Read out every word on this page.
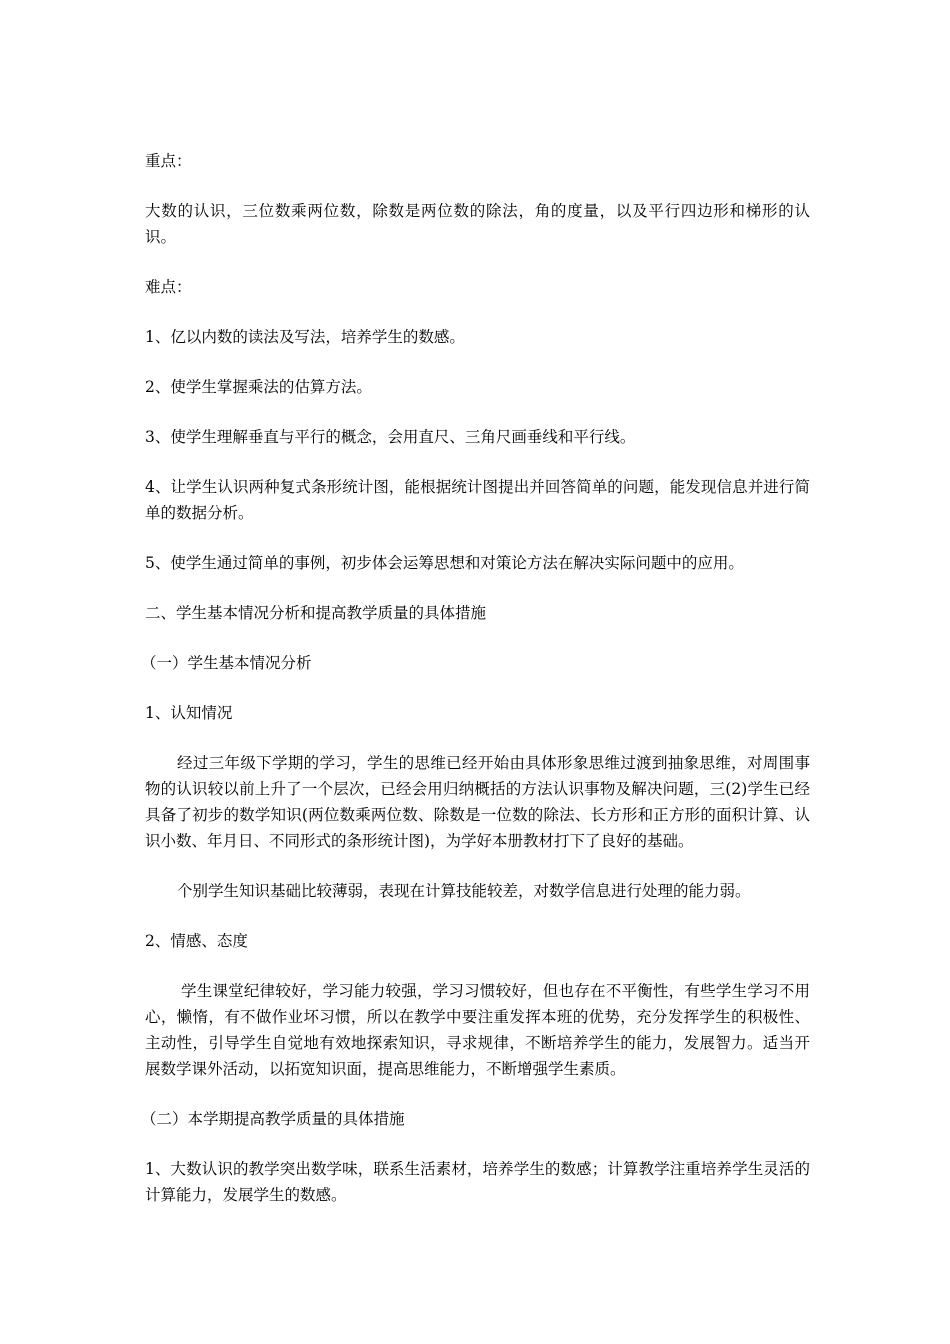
重点：

大数的认识，三位数乘两位数，除数是两位数的除法，角的度量，以及平行四边形和梯形的认识。

难点：

1、亿以内数的读法及写法，培养学生的数感。

2、使学生掌握乘法的估算方法。

3、使学生理解垂直与平行的概念，会用直尺、三角尺画垂线和平行线。

4、让学生认识两种复式条形统计图，能根据统计图提出并回答简单的问题，能发现信息并进行简单的数据分析。

5、使学生通过简单的事例，初步体会运筹思想和对策论方法在解决实际问题中的应用。

二、学生基本情况分析和提高教学质量的具体措施

（一）学生基本情况分析

1、认知情况

经过三年级下学期的学习，学生的思维已经开始由具体形象思维过渡到抽象思维，对周围事物的认识较以前上升了一个层次，已经会用归纳概括的方法认识事物及解决问题，三(2)学生已经具备了初步的数学知识(两位数乘两位数、除数是一位数的除法、长方形和正方形的面积计算、认识小数、年月日、不同形式的条形统计图)，为学好本册教材打下了良好的基础。

个别学生知识基础比较薄弱，表现在计算技能较差，对数学信息进行处理的能力弱。

2、情感、态度

学生课堂纪律较好，学习能力较强，学习习惯较好，但也存在不平衡性，有些学生学习不用心，懒惰，有不做作业坏习惯，所以在教学中要注重发挥本班的优势，充分发挥学生的积极性、主动性，引导学生自觉地有效地探索知识，寻求规律，不断培养学生的能力，发展智力。适当开展数学课外活动，以拓宽知识面，提高思维能力，不断增强学生素质。

（二）本学期提高教学质量的具体措施

1、大数认识的教学突出数学味，联系生活素材，培养学生的数感；计算教学注重培养学生灵活的计算能力，发展学生的数感。
